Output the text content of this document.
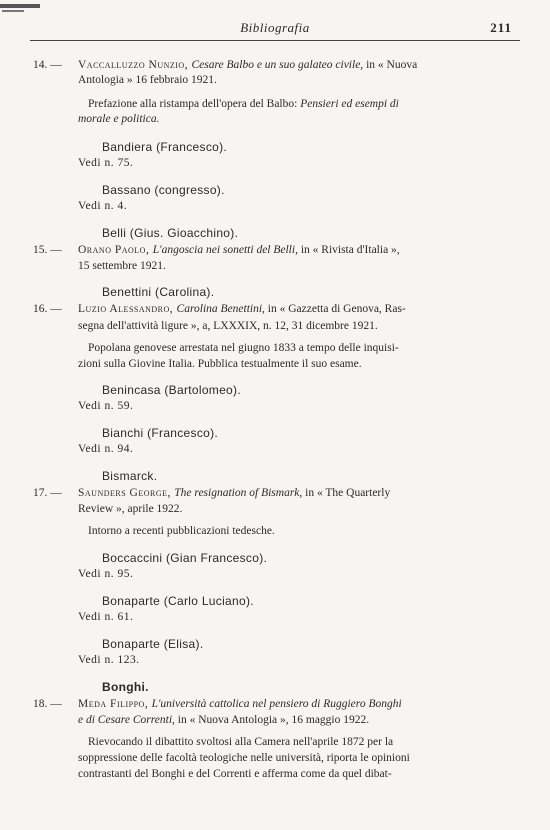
Bibliografia	211
14. — Vaccalluzzo Nunzio, Cesare Balbo e un suo galateo civile, in « Nuova
Antologia » 16 febbraio 1921.
Prefazione alla ristampa dell'opera del Balbo: Pensieri ed esempi di
morale e politica.
Bandiera (Francesco).
Vedi n. 75.
Bassano (congresso).
Vedi n. 4.
Belli (Gius. Gioacchino).
15. — Orano Paolo, L'angoscia nei sonetti del Belli, in « Rivista d'Italia »,
15 settembre 1921.
Benettini (Carolina).
16. — Luzio Alessandro, Carolina Benettini, in « Gazzetta di Genova, Ras-
segna dell'attività ligure », a, LXXXIX, n. 12, 31 dicembre 1921.
Popolana genovese arrestata nel giugno 1833 a tempo delle inquisi-
zioni sulla Giovine Italia. Pubblica testualmente il suo esame.
Benincasa (Bartolomeo).
Vedi n. 59.
Bianchi (Francesco).
Vedi n. 94.
Bismarck.
17. — Saunders George, The resignation of Bismark, in « The Quarterly
Review », aprile 1922.
Intorno a recenti pubblicazioni tedesche.
Boccaccini (Gian Francesco).
Vedi n. 95.
Bonaparte (Carlo Luciano).
Vedi n. 61.
Bonaparte (Elisa).
Vedi n. 123.
Bonghi.
18. — Meda Filippo, L'università cattolica nel pensiero di Ruggiero Bonghi
e di Cesare Correnti, in « Nuova Antologia », 16 maggio 1922.
Rievocando il dibattito svoltosi alla Camera nell'aprile 1872 per la
soppressione delle facoltà teologiche nelle università, riporta le opinioni
contrastanti del Bonghi e del Correnti e afferma come da quel dibat-
